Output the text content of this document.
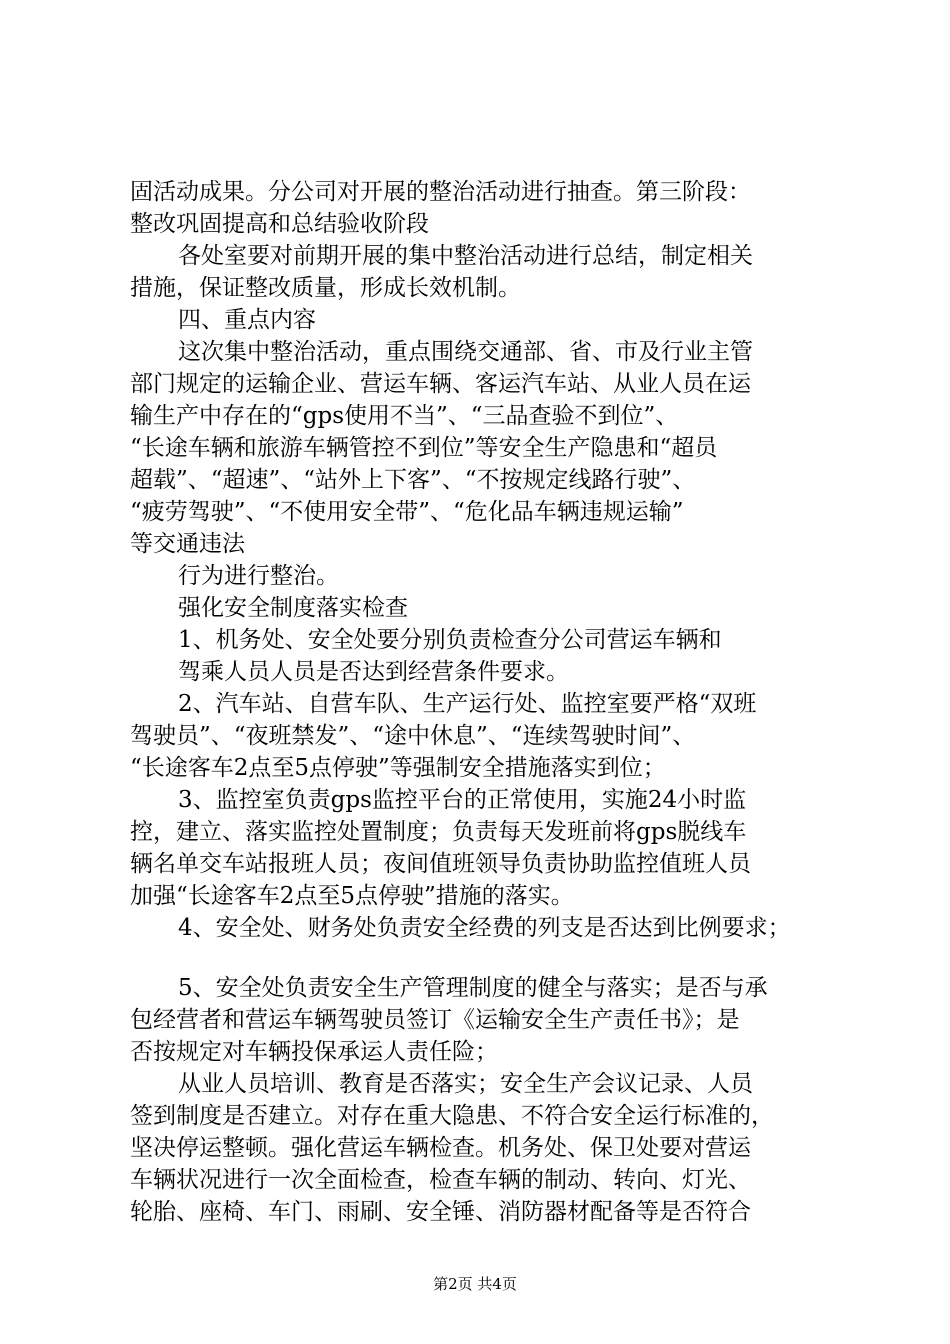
固活动成果。分公司对开展的整治活动进行抽查。第三阶段：
整改巩固提高和总结验收阶段
各处室要对前期开展的集中整治活动进行总结，制定相关
措施，保证整改质量，形成长效机制。
四、重点内容
这次集中整治活动，重点围绕交通部、省、市及行业主管
部门规定的运输企业、营运车辆、客运汽车站、从业人员在运
输生产中存在的“gps使用不当”、“三品查验不到位”、
“长途车辆和旅游车辆管控不到位”等安全生产隐患和“超员
超载”、“超速”、“站外上下客”、“不按规定线路行驶”、
“疲劳驾驶”、“不使用安全带”、“危化品车辆违规运输”
等交通违法
行为进行整治。
强化安全制度落实检查
1、机务处、安全处要分别负责检查分公司营运车辆和
驾乘人员人员是否达到经营条件要求。
2、汽车站、自营车队、生产运行处、监控室要严格“双班
驾驶员”、“夜班禁发”、“途中休息”、“连续驾驶时间”、
“长途客车2点至5点停驶”等强制安全措施落实到位；
3、监控室负责gps监控平台的正常使用，实施24小时监
控，建立、落实监控处置制度；负责每天发班前将gps脱线车
辆名单交车站报班人员；夜间值班领导负责协助监控值班人员
加强“长途客车2点至5点停驶”措施的落实。
4、安全处、财务处负责安全经费的列支是否达到比例要求；
5、安全处负责安全生产管理制度的健全与落实；是否与承
包经营者和营运车辆驾驶员签订《运输安全生产责任书》；是
否按规定对车辆投保承运人责任险；
从业人员培训、教育是否落实；安全生产会议记录、人员
签到制度是否建立。对存在重大隐患、不符合安全运行标准的，
坚决停运整顿。强化营运车辆检查。机务处、保卫处要对营运
车辆状况进行一次全面检查，检查车辆的制动、转向、灯光、
轮胎、座椅、车门、雨刷、安全锤、消防器材配备等是否符合
第2页 共4页
